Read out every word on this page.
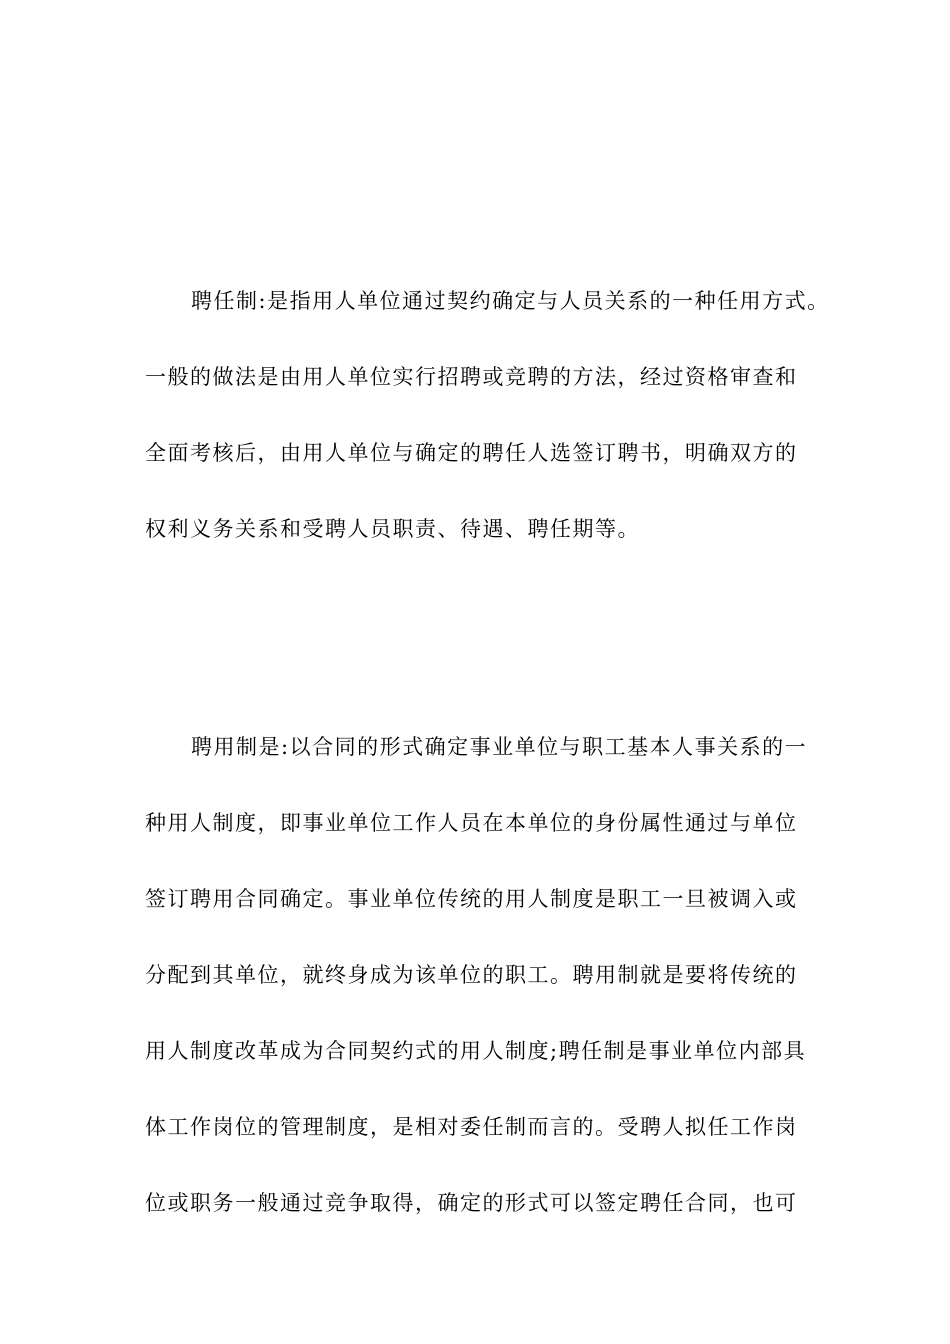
聘任制:是指用人单位通过契约确定与人员关系的一种任用方式。
一般的做法是由用人单位实行招聘或竞聘的方法，经过资格审查和
全面考核后，由用人单位与确定的聘任人选签订聘书，明确双方的
权利义务关系和受聘人员职责、待遇、聘任期等。
聘用制是:以合同的形式确定事业单位与职工基本人事关系的一
种用人制度，即事业单位工作人员在本单位的身份属性通过与单位
签订聘用合同确定。事业单位传统的用人制度是职工一旦被调入或
分配到其单位，就终身成为该单位的职工。聘用制就是要将传统的
用人制度改革成为合同契约式的用人制度;聘任制是事业单位内部具
体工作岗位的管理制度，是相对委任制而言的。受聘人拟任工作岗
位或职务一般通过竞争取得，确定的形式可以签定聘任合同，也可
